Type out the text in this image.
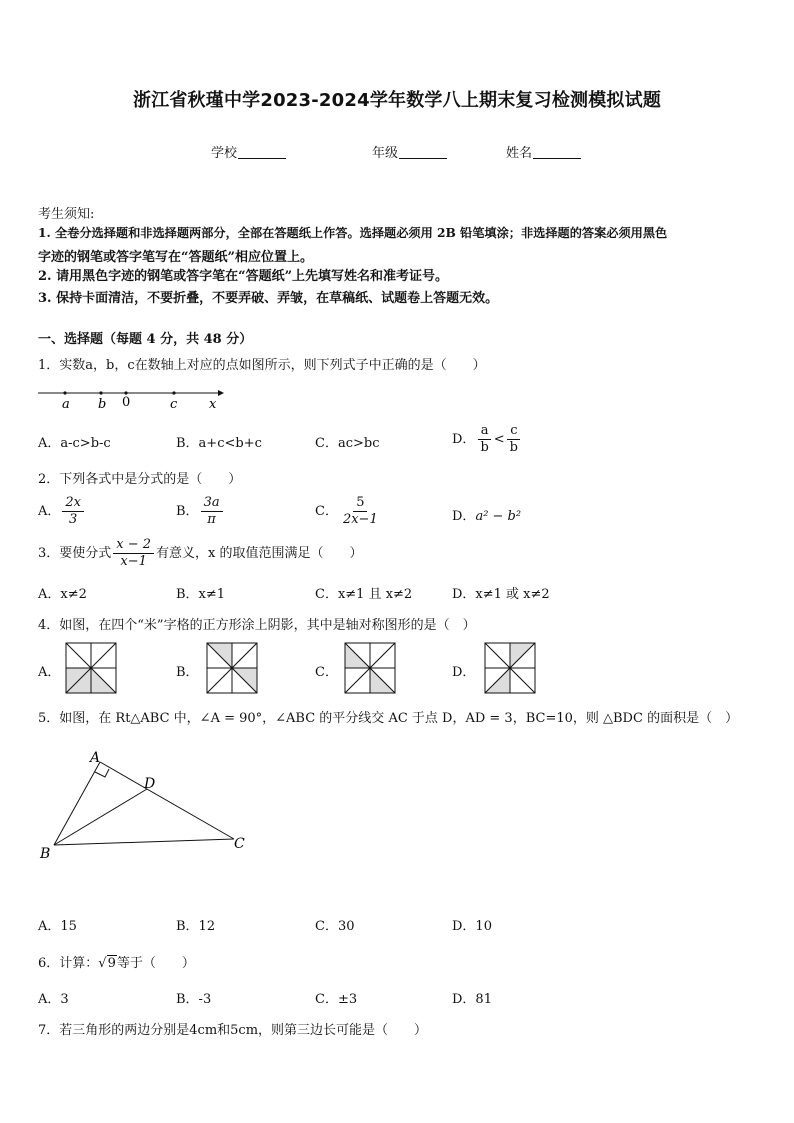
浙江省秋瑾中学2023-2024学年数学八上期末复习检测模拟试题
学校	年级	姓名
考生须知:
1. 全卷分选择题和非选择题两部分，全部在答题纸上作答。选择题必须用 2B 铅笔填涂；非选择题的答案必须用黑色
字迹的钢笔或答字笔写在“答题纸”相应位置上。
2. 请用黑色字迹的钢笔或答字笔在“答题纸”上先填写姓名和准考证号。
3. 保持卡面清洁，不要折叠，不要弄破、弄皱，在草稿纸、试题卷上答题无效。
一、选择题（每题 4 分，共 48 分）
1．实数a，b，c在数轴上对应的点如图所示，则下列式子中正确的是（　　）
a b 0	c x
A．a-c>b-c	B．a+c<b+c	C．ac>bc	D． $\frac{a}{b} < \frac{c}{b}$
2．下列各式中是分式的是（　　）
A． $\frac{2x}{3}$	B． $\frac{3a}{\pi}$	C． $\frac{5}{2x-1}$	D．a² − b²
3．要使分式 $\frac{x - 2}{x-1}$ 有意义，x 的取值范围满足（　　）
A．x≠2	B．x≠1	C．x≠1 且 x≠2	D．x≠1 或 x≠2
4．如图，在四个“米”字格的正方形涂上阴影，其中是轴对称图形的是（　）
A．	B．	C．	D．
5．如图，在 Rt△ABC 中，∠A = 90°，∠ABC 的平分线交 AC 于点 D，AD = 3，BC=10，则 △BDC 的面积是（　）
A
D
B
C
A．15	B．12	C．30	D．10
6．计算：√9等于（　　）
A．3	B．-3	C．±3	D．81
7．若三角形的两边分别是4cm和5cm，则第三边长可能是（　　）
